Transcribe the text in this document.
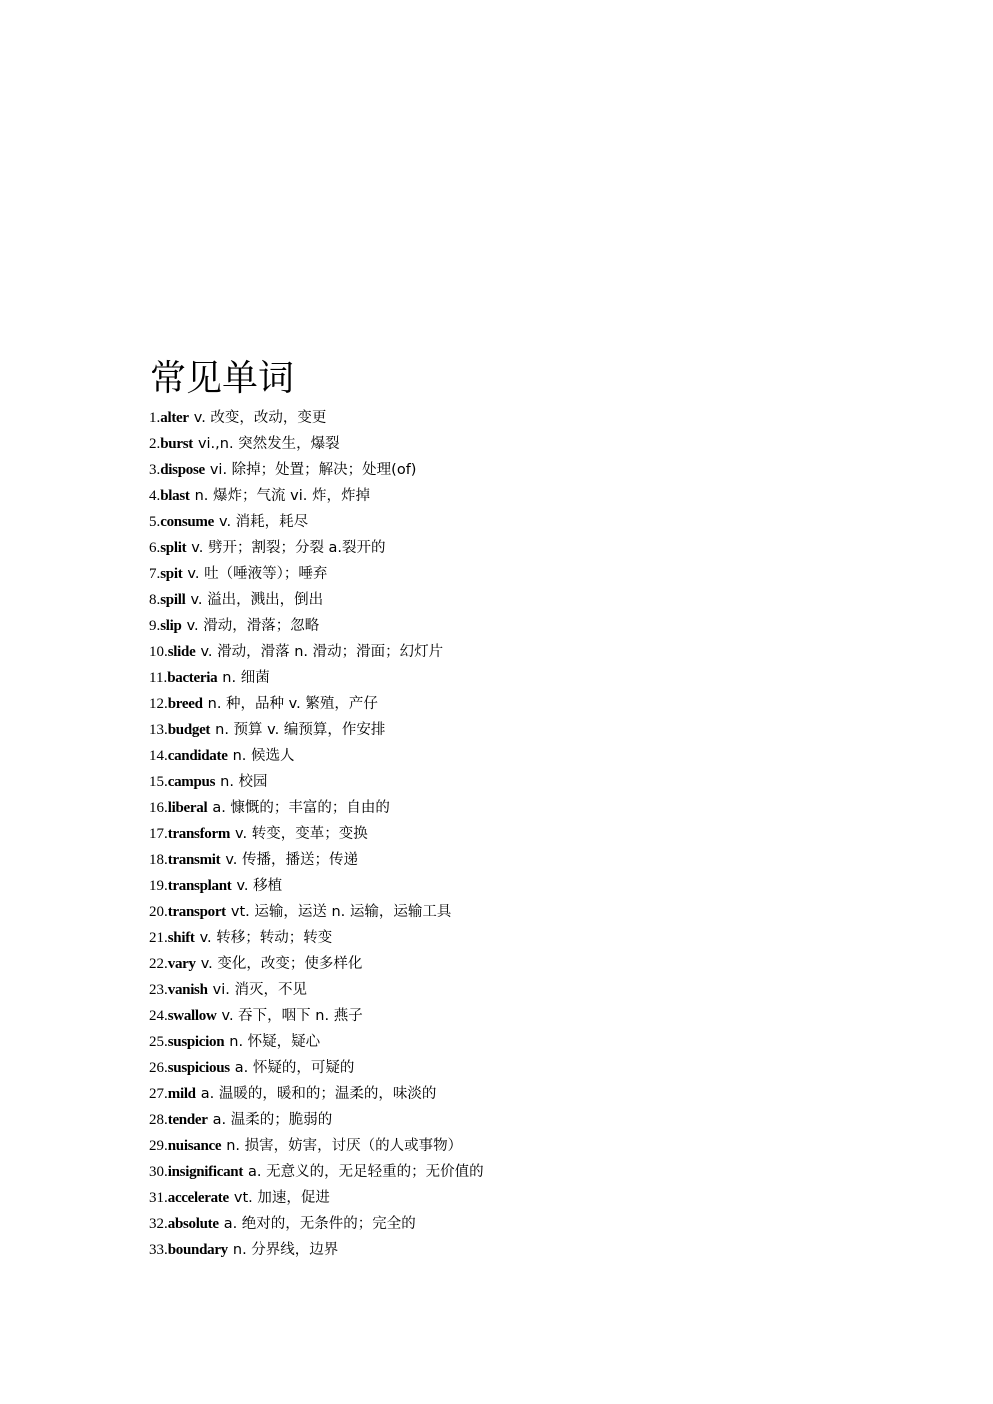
常见单词
1. alter v. 改变，改动，变更
2. burst vi.,n. 突然发生，爆裂
3. dispose vi. 除掉；处置；解决；处理(of)
4. blast n. 爆炸；气流 vi. 炸，炸掉
5. consume v. 消耗，耗尽
6. split v. 劈开；割裂；分裂 a.裂开的
7. spit v. 吐（唾液等）；唾弃
8. spill v. 溢出，溅出，倒出
9. slip v. 滑动，滑落；忽略
10. slide v. 滑动，滑落 n. 滑动；滑面；幻灯片
11. bacteria n. 细菌
12. breed n. 种，品种 v. 繁殖，产仔
13. budget n. 预算 v. 编预算，作安排
14. candidate n. 候选人
15. campus n. 校园
16. liberal a. 慷慨的；丰富的；自由的
17. transform v. 转变，变革；变换
18. transmit v. 传播，播送；传递
19. transplant v. 移植
20. transport vt. 运输，运送 n. 运输，运输工具
21. shift v. 转移；转动；转变
22. vary v. 变化，改变；使多样化
23. vanish vi. 消灭，不见
24. swallow v. 吞下，咽下 n. 燕子
25. suspicion n. 怀疑，疑心
26. suspicious a. 怀疑的，可疑的
27. mild a. 温暖的，暖和的；温柔的，味淡的
28. tender a. 温柔的；脆弱的
29. nuisance n. 损害，妨害，讨厌（的人或事物）
30. insignificant a. 无意义的，无足轻重的；无价值的
31. accelerate vt. 加速，促进
32. absolute a. 绝对的，无条件的；完全的
33. boundary n. 分界线，边界
